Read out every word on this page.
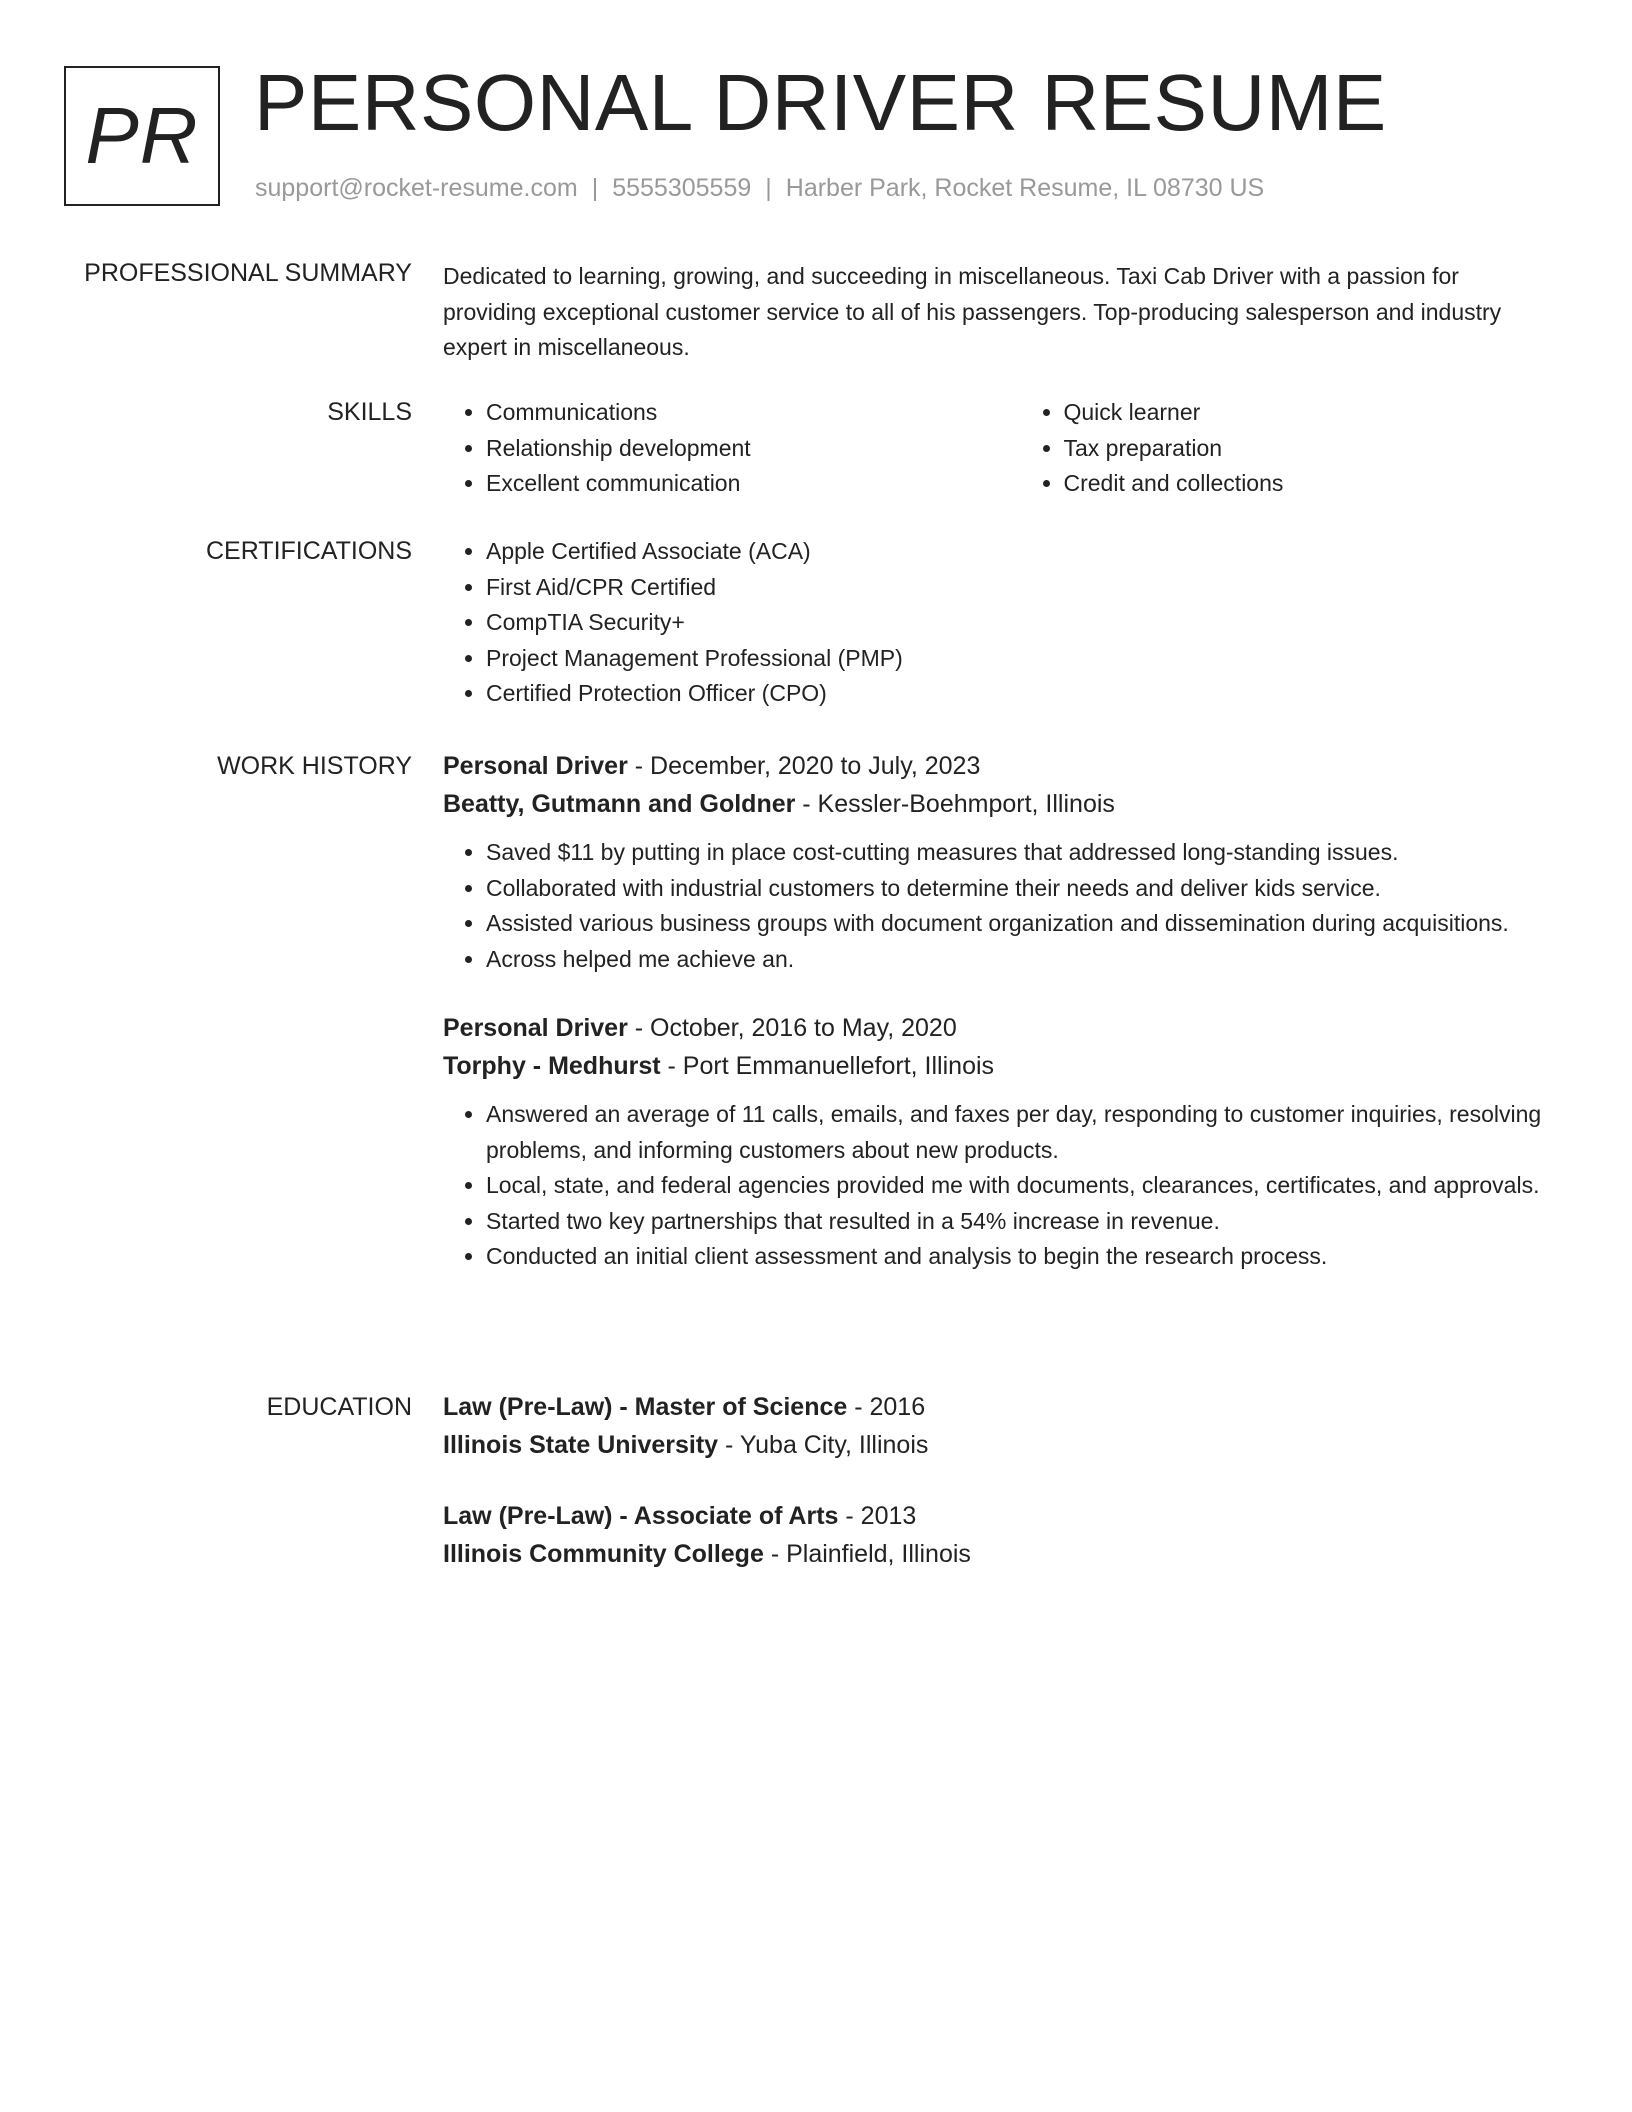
PR PERSONAL DRIVER RESUME
support@rocket-resume.com | 5555305559 | Harber Park, Rocket Resume, IL 08730 US
PROFESSIONAL SUMMARY Dedicated to learning, growing, and succeeding in miscellaneous. Taxi Cab Driver with a passion for providing exceptional customer service to all of his passengers. Top-producing salesperson and industry expert in miscellaneous.

SKILLS	• Communications
• Relationship development
• Excellent communication
• Quick learner
• Tax preparation
• Credit and collections
CERTIFICATIONS	• Apple Certified Associate (ACA)
• First Aid/CPR Certified
• CompTIA Security+
• Project Management Professional (PMP)
• Certified Protection Officer (CPO)
WORK HISTORY Personal Driver - December, 2020 to July, 2023
Beatty, Gutmann and Goldner - Kessler-Boehmport, Illinois
• Saved $11 by putting in place cost-cutting measures that addressed long-standing issues.
• Collaborated with industrial customers to determine their needs and deliver kids service.
• Assisted various business groups with document organization and dissemination during acquisitions.
• Across helped me achieve an.
Personal Driver - October, 2016 to May, 2020
Torphy - Medhurst - Port Emmanuellefort, Illinois
• Answered an average of 11 calls, emails, and faxes per day, responding to customer inquiries, resolving problems, and informing customers about new products.
• Local, state, and federal agencies provided me with documents, clearances, certificates, and approvals.
• Started two key partnerships that resulted in a 54% increase in revenue.
• Conducted an initial client assessment and analysis to begin the research process.
EDUCATION Law (Pre-Law) - Master of Science - 2016
Illinois State University - Yuba City, Illinois
Law (Pre-Law) - Associate of Arts - 2013
Illinois Community College - Plainfield, Illinois
